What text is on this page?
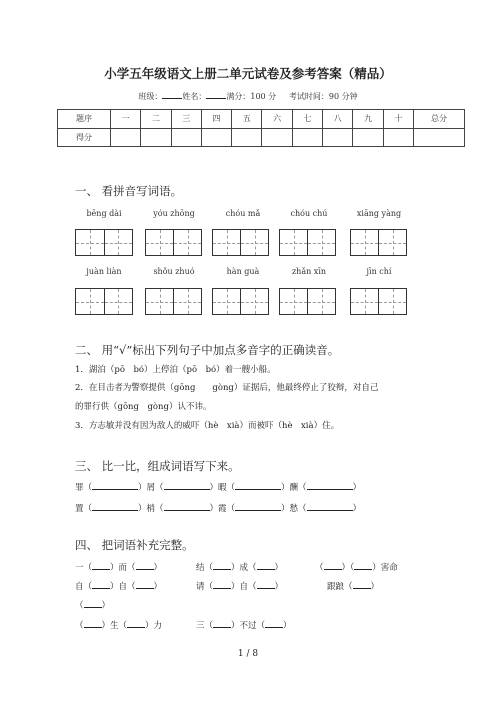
小学五年级语文上册二单元试卷及参考答案（精品）
班级：	姓名：	满分：100 分 考试时间：90 分钟
题序	一	二	三	四	五	六	七	八	九	十	总分
得分											
一、 看拼音写词语。
bēng dài	yóu zhōng	chóu mǎ	chóu chú	xiāng yàng
juàn liàn	shǒu zhuó	hàn guà	zhǎn xīn	jīn chí
二、 用“√”标出下列句子中加点多音字的正确读音。
1．湖泊（pō　bó）上停泊（pō　bó）着一艘小船。
2．在目击者为警察提供（gōng　　gòng）证据后，他最终停止了狡辩，对自己
的罪行供（gōng　gòng）认不讳。
3．方志敏并没有因为敌人的威吓（hè　xià）而被吓（hè　xià）住。
三、 比一比，组成词语写下来。
罪（	）屑（	）暇（	）酬（	）
置（	）梢（	）霞（	）愁（	）
四、 把词语补充完整。
一（ ）而（ ）	结（ ）成（ ）	（ ）（ ）害命
自（ ）自（ ）	请（ ）自（ ）	跟踉（ ）
（ ）
（ ）生（ ）力	三（ ）不过（ ）
1 / 8
